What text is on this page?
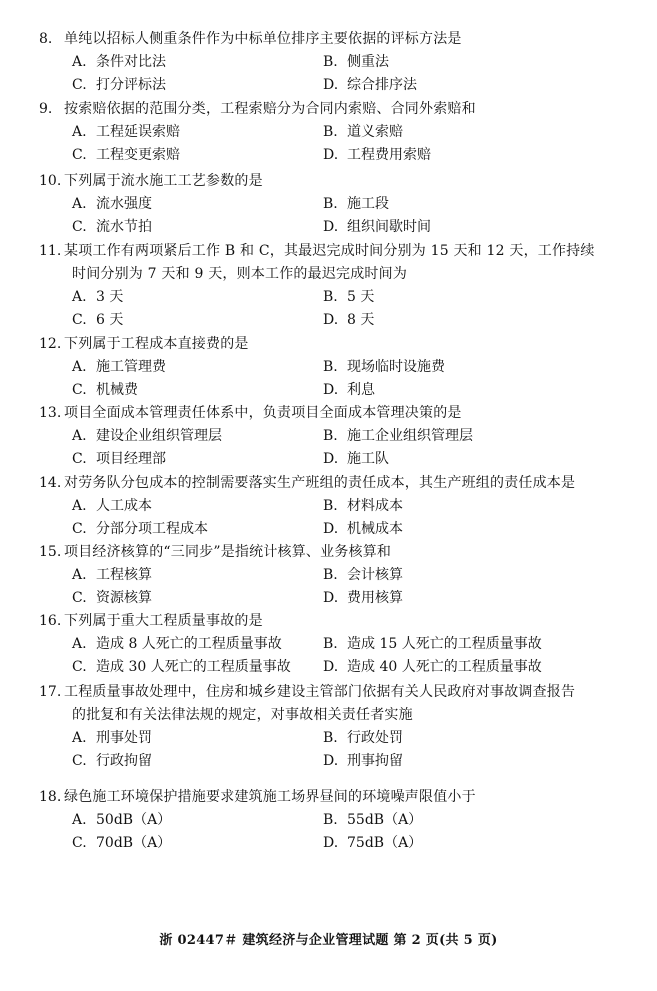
8. 单纯以招标人侧重条件作为中标单位排序主要依据的评标方法是
A. 条件对比法	B. 侧重法
C. 打分评标法	D. 综合排序法
9. 按索赔依据的范围分类，工程索赔分为合同内索赔、合同外索赔和
A. 工程延误索赔	B. 道义索赔
C. 工程变更索赔	D. 工程费用索赔
10. 下列属于流水施工工艺参数的是
A. 流水强度	B. 施工段
C. 流水节拍	D. 组织间歇时间
11. 某项工作有两项紧后工作 B 和 C，其最迟完成时间分别为 15 天和 12 天，工作持续
时间分别为 7 天和 9 天，则本工作的最迟完成时间为
A. 3 天	B. 5 天
C. 6 天	D. 8 天
12. 下列属于工程成本直接费的是
A. 施工管理费	B. 现场临时设施费
C. 机械费	D. 利息
13. 项目全面成本管理责任体系中，负责项目全面成本管理决策的是
A. 建设企业组织管理层	B. 施工企业组织管理层
C. 项目经理部	D. 施工队
14. 对劳务队分包成本的控制需要落实生产班组的责任成本，其生产班组的责任成本是
A. 人工成本	B. 材料成本
C. 分部分项工程成本	D. 机械成本
15. 项目经济核算的“三同步”是指统计核算、业务核算和
A. 工程核算	B. 会计核算
C. 资源核算	D. 费用核算
16. 下列属于重大工程质量事故的是
A. 造成 8 人死亡的工程质量事故	B. 造成 15 人死亡的工程质量事故
C. 造成 30 人死亡的工程质量事故 D. 造成 40 人死亡的工程质量事故
17. 工程质量事故处理中，住房和城乡建设主管部门依据有关人民政府对事故调查报告
的批复和有关法律法规的规定，对事故相关责任者实施
A. 刑事处罚	B. 行政处罚
C. 行政拘留	D. 刑事拘留
18. 绿色施工环境保护措施要求建筑施工场界昼间的环境噪声限值小于
A. 50dB（A）	B. 55dB（A）
C. 70dB（A）	D. 75dB（A）
浙 02447＃ 建筑经济与企业管理试题 第 2 页(共 5 页)
